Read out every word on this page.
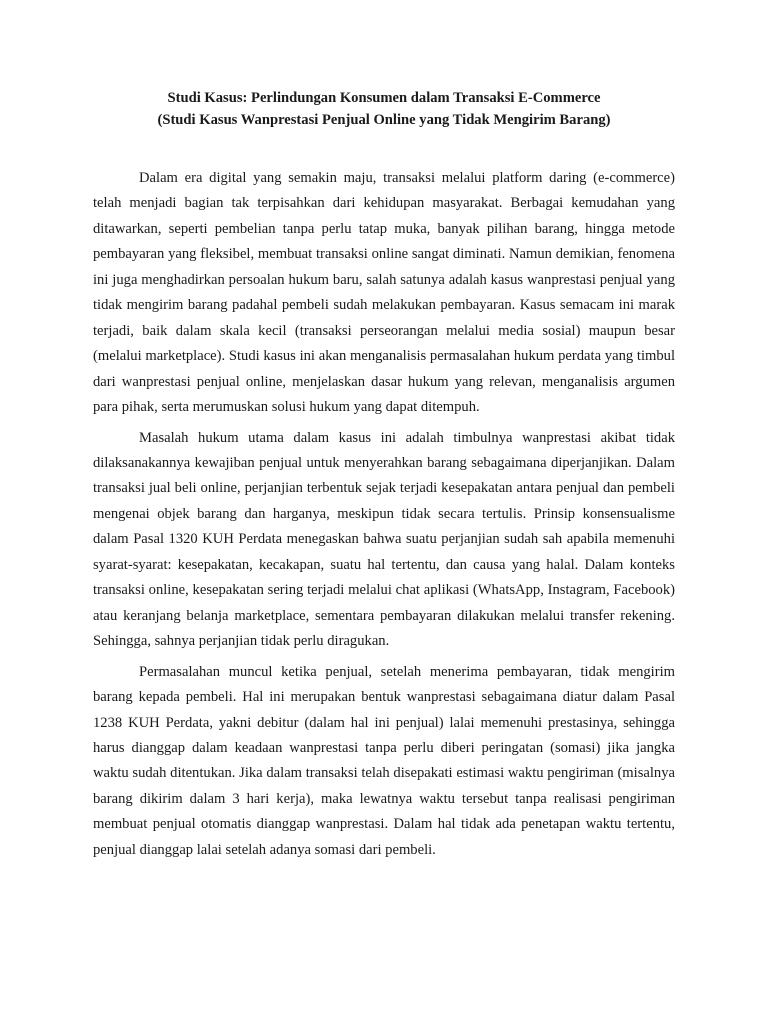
Studi Kasus: Perlindungan Konsumen dalam Transaksi E-Commerce
(Studi Kasus Wanprestasi Penjual Online yang Tidak Mengirim Barang)

Dalam era digital yang semakin maju, transaksi melalui platform daring (e-commerce) telah menjadi bagian tak terpisahkan dari kehidupan masyarakat. Berbagai kemudahan yang ditawarkan, seperti pembelian tanpa perlu tatap muka, banyak pilihan barang, hingga metode pembayaran yang fleksibel, membuat transaksi online sangat diminati. Namun demikian, fenomena ini juga menghadirkan persoalan hukum baru, salah satunya adalah kasus wanprestasi penjual yang tidak mengirim barang padahal pembeli sudah melakukan pembayaran. Kasus semacam ini marak terjadi, baik dalam skala kecil (transaksi perseorangan melalui media sosial) maupun besar (melalui marketplace). Studi kasus ini akan menganalisis permasalahan hukum perdata yang timbul dari wanprestasi penjual online, menjelaskan dasar hukum yang relevan, menganalisis argumen para pihak, serta merumuskan solusi hukum yang dapat ditempuh.

Masalah hukum utama dalam kasus ini adalah timbulnya wanprestasi akibat tidak dilaksanakannya kewajiban penjual untuk menyerahkan barang sebagaimana diperjanjikan. Dalam transaksi jual beli online, perjanjian terbentuk sejak terjadi kesepakatan antara penjual dan pembeli mengenai objek barang dan harganya, meskipun tidak secara tertulis. Prinsip konsensualisme dalam Pasal 1320 KUH Perdata menegaskan bahwa suatu perjanjian sudah sah apabila memenuhi syarat-syarat: kesepakatan, kecakapan, suatu hal tertentu, dan causa yang halal. Dalam konteks transaksi online, kesepakatan sering terjadi melalui chat aplikasi (WhatsApp, Instagram, Facebook) atau keranjang belanja marketplace, sementara pembayaran dilakukan melalui transfer rekening. Sehingga, sahnya perjanjian tidak perlu diragukan.

Permasalahan muncul ketika penjual, setelah menerima pembayaran, tidak mengirim barang kepada pembeli. Hal ini merupakan bentuk wanprestasi sebagaimana diatur dalam Pasal 1238 KUH Perdata, yakni debitur (dalam hal ini penjual) lalai memenuhi prestasinya, sehingga harus dianggap dalam keadaan wanprestasi tanpa perlu diberi peringatan (somasi) jika jangka waktu sudah ditentukan. Jika dalam transaksi telah disepakati estimasi waktu pengiriman (misalnya barang dikirim dalam 3 hari kerja), maka lewatnya waktu tersebut tanpa realisasi pengiriman membuat penjual otomatis dianggap wanprestasi. Dalam hal tidak ada penetapan waktu tertentu, penjual dianggap lalai setelah adanya somasi dari pembeli.
